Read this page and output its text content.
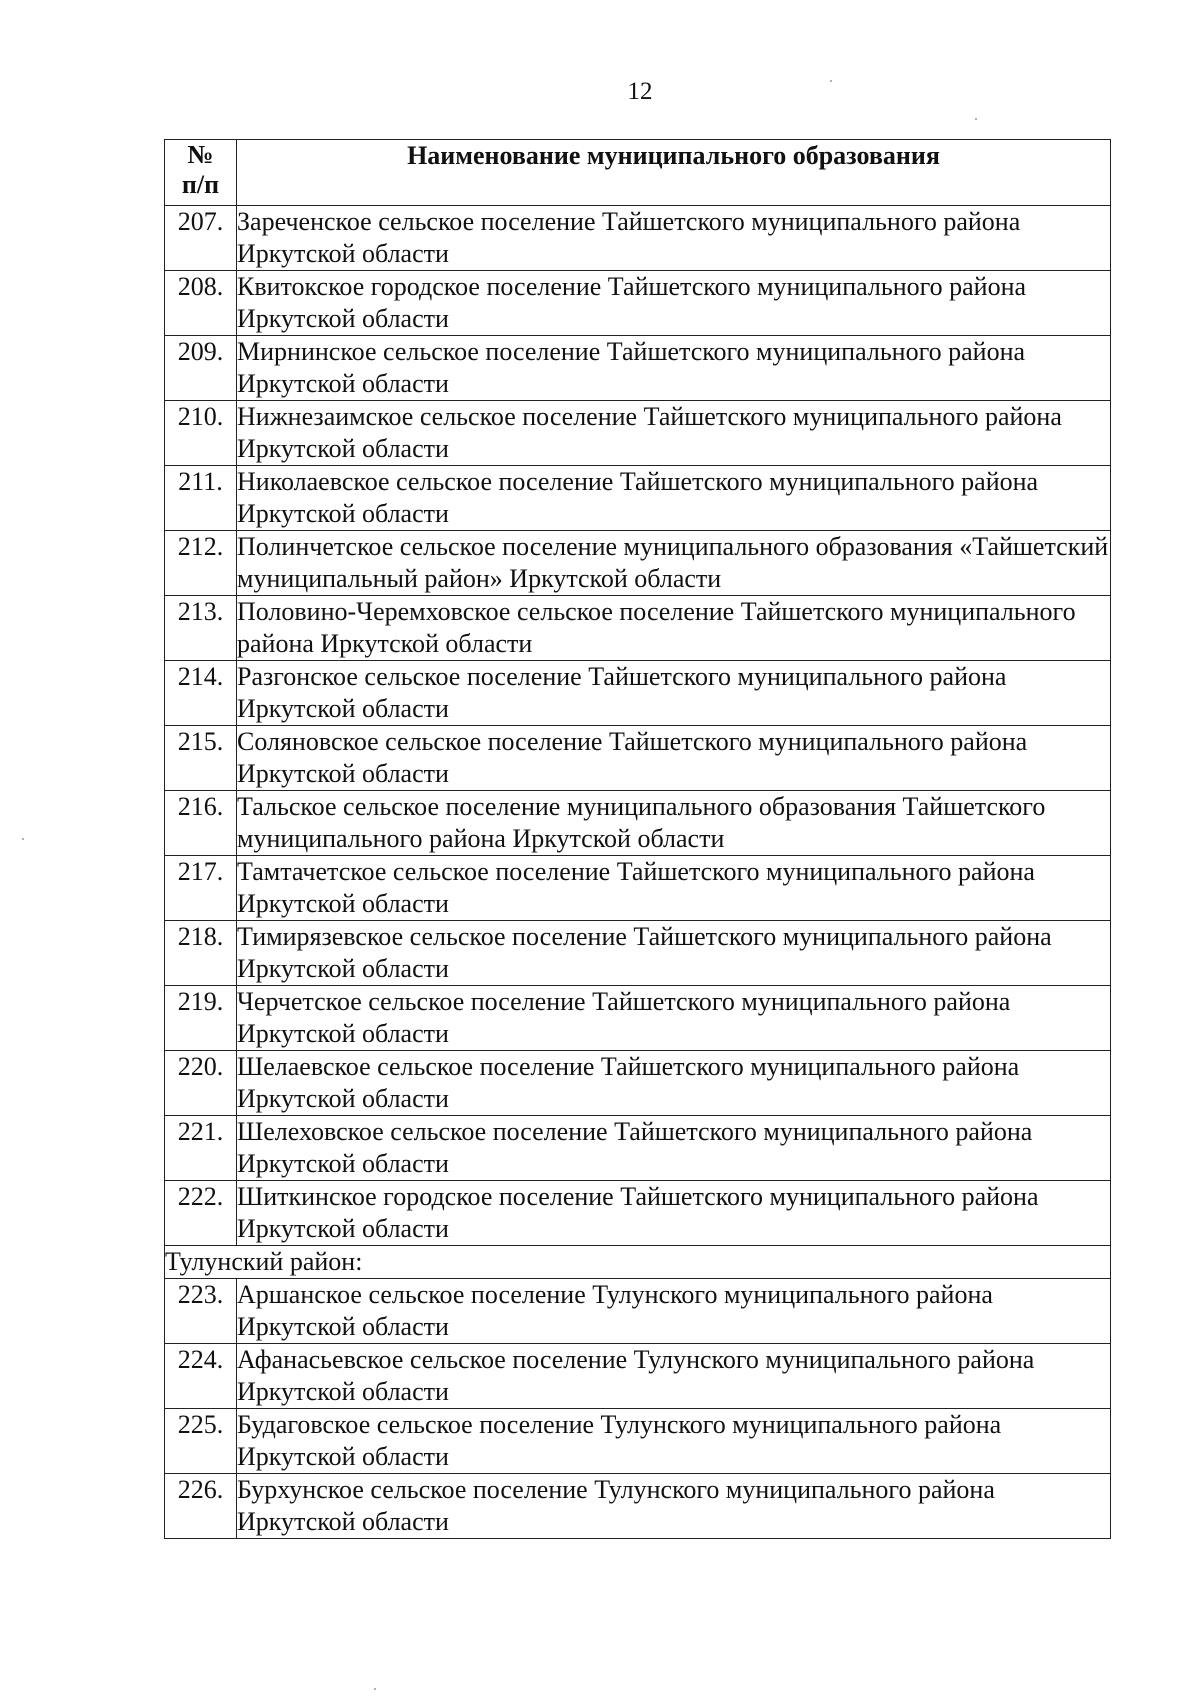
12
№
п/п	Наименование муниципального образования
207.	Зареченское сельское поселение Тайшетского муниципального района Иркутской области
208.	Квитокское городское поселение Тайшетского муниципального района Иркутской области
209.	Мирнинское сельское поселение Тайшетского муниципального района Иркутской области
210.	Нижнезаимское сельское поселение Тайшетского муниципального района Иркутской области
211.	Николаевское сельское поселение Тайшетского муниципального района Иркутской области
212.	Полинчетское сельское поселение муниципального образования «Тайшетский муниципальный район» Иркутской области
213.	Половино-Черемховское сельское поселение Тайшетского муниципального района Иркутской области
214.	Разгонское сельское поселение Тайшетского муниципального района Иркутской области
215.	Соляновское сельское поселение Тайшетского муниципального района Иркутской области
216.	Тальское сельское поселение муниципального образования Тайшетского муниципального района Иркутской области
217.	Тамтачетское сельское поселение Тайшетского муниципального района Иркутской области
218.	Тимирязевское сельское поселение Тайшетского муниципального района Иркутской области
219.	Черчетское сельское поселение Тайшетского муниципального района Иркутской области
220.	Шелаевское сельское поселение Тайшетского муниципального района Иркутской области
221.	Шелеховское сельское поселение Тайшетского муниципального района Иркутской области
222.	Шиткинское городское поселение Тайшетского муниципального района Иркутской области
Тулунский район:	
223.	Аршанское сельское поселение Тулунского муниципального района Иркутской области
224.	Афанасьевское сельское поселение Тулунского муниципального района Иркутской области
225.	Будаговское сельское поселение Тулунского муниципального района Иркутской области
226.	Бурхунское сельское поселение Тулунского муниципального района Иркутской области
